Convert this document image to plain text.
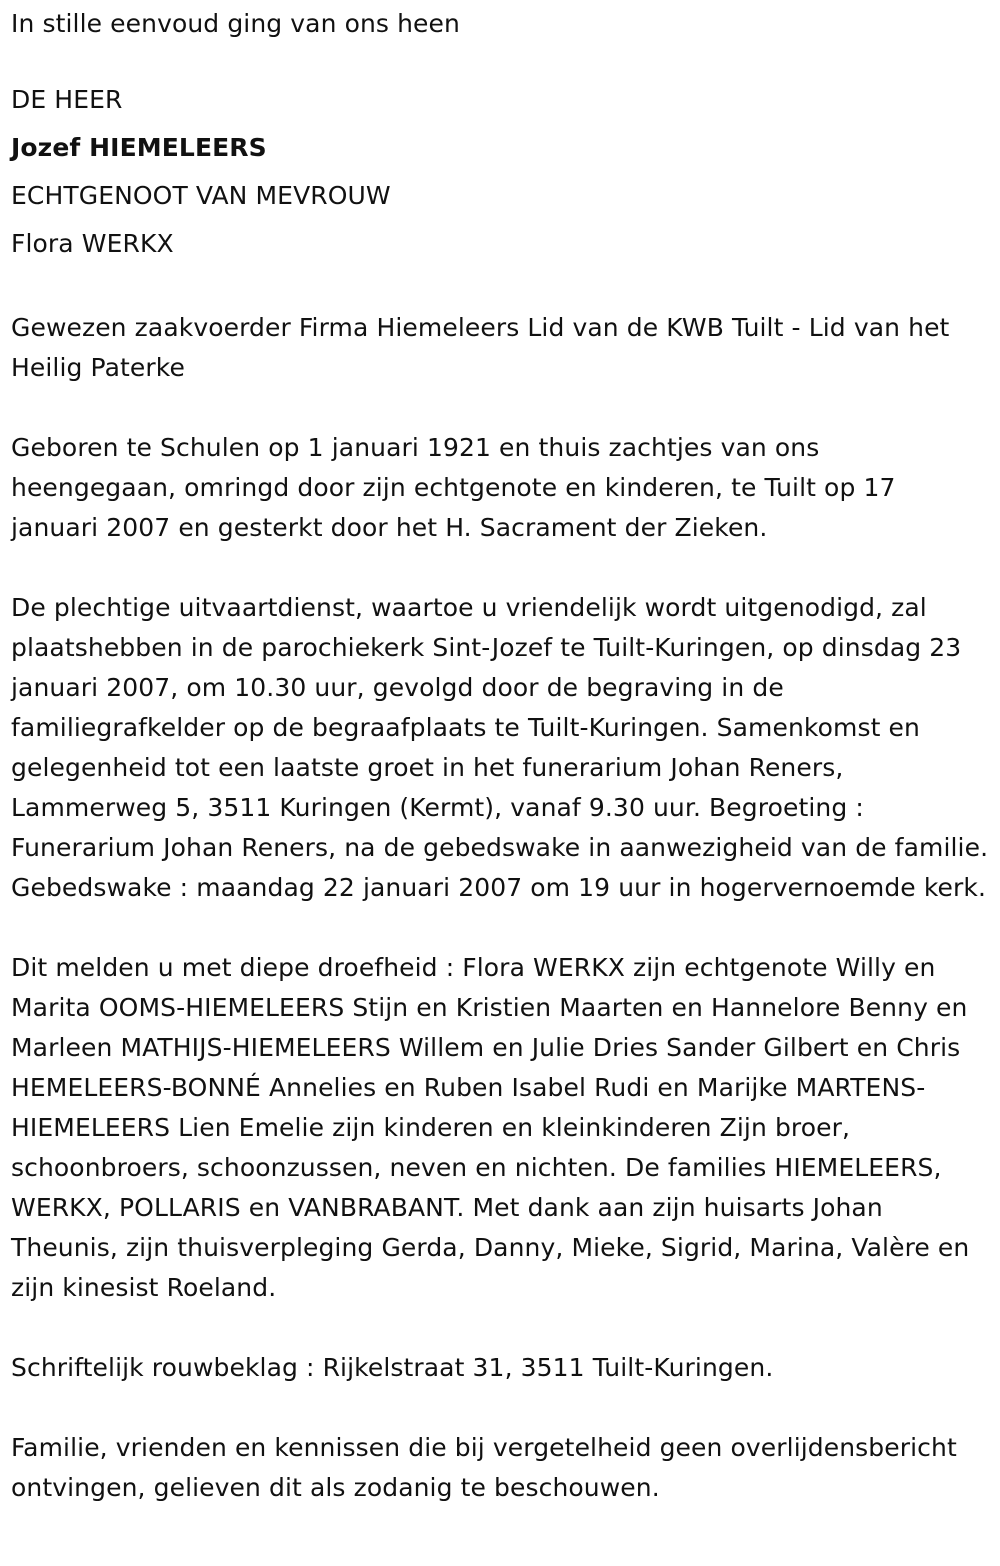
In stille eenvoud ging van ons heen

DE HEER

Jozef HIEMELEERS

ECHTGENOOT VAN MEVROUW

Flora WERKX

Gewezen zaakvoerder Firma Hiemeleers Lid van de KWB Tuilt - Lid van het Heilig Paterke

Geboren te Schulen op 1 januari 1921 en thuis zachtjes van ons heengegaan, omringd door zijn echtgenote en kinderen, te Tuilt op 17 januari 2007 en gesterkt door het H. Sacrament der Zieken.

De plechtige uitvaartdienst, waartoe u vriendelijk wordt uitgenodigd, zal plaatshebben in de parochiekerk Sint-Jozef te Tuilt-Kuringen, op dinsdag 23 januari 2007, om 10.30 uur, gevolgd door de begraving in de familiegrafkelder op de begraafplaats te Tuilt-Kuringen. Samenkomst en gelegenheid tot een laatste groet in het funerarium Johan Reners, Lammerweg 5, 3511 Kuringen (Kermt), vanaf 9.30 uur. Begroeting : Funerarium Johan Reners, na de gebedswake in aanwezigheid van de familie. Gebedswake : maandag 22 januari 2007 om 19 uur in hogervernoemde kerk.

Dit melden u met diepe droefheid : Flora WERKX zijn echtgenote Willy en Marita OOMS-HIEMELEERS Stijn en Kristien Maarten en Hannelore Benny en Marleen MATHIJS-HIEMELEERS Willem en Julie Dries Sander Gilbert en Chris HEMELEERS-BONNÉ Annelies en Ruben Isabel Rudi en Marijke MARTENS-HIEMELEERS Lien Emelie zijn kinderen en kleinkinderen Zijn broer, schoonbroers, schoonzussen, neven en nichten. De families HIEMELEERS, WERKX, POLLARIS en VANBRABANT. Met dank aan zijn huisarts Johan Theunis, zijn thuisverpleging Gerda, Danny, Mieke, Sigrid, Marina, Valère en zijn kinesist Roeland.

Schriftelijk rouwbeklag : Rijkelstraat 31, 3511 Tuilt-Kuringen.

Familie, vrienden en kennissen die bij vergetelheid geen overlijdensbericht ontvingen, gelieven dit als zodanig te beschouwen.
